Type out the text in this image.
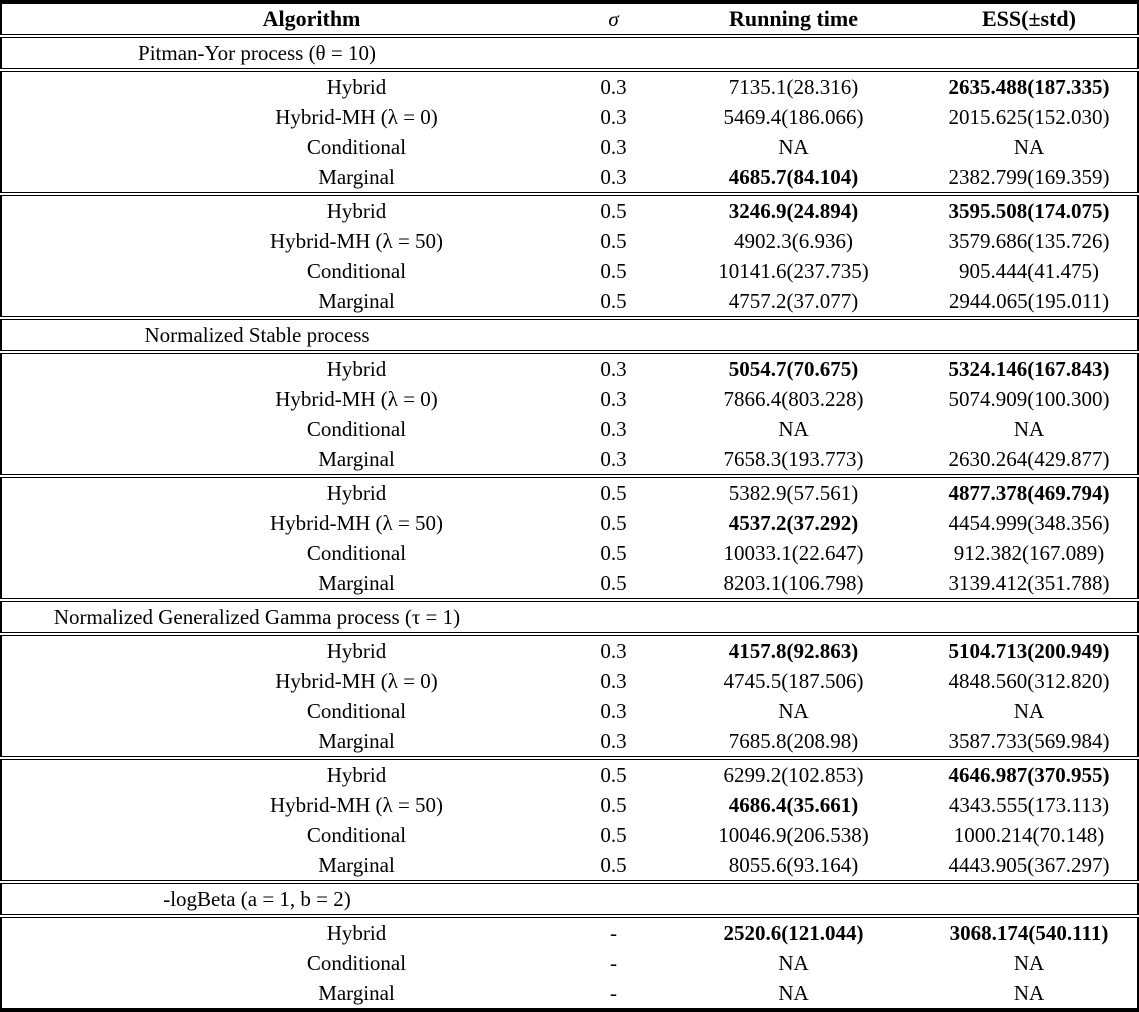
Algorithm	σ	Running time	ESS(±std)

Pitman-Yor process (θ = 10)			

Hybrid	0.3	7135.1(28.316)	2635.488(187.335)
Hybrid-MH (λ = 0)	0.3	5469.4(186.066)	2015.625(152.030)
Conditional	0.3	NA	NA
Marginal	0.3	4685.7(84.104)	2382.799(169.359)
Hybrid	0.5	3246.9(24.894)	3595.508(174.075)
Hybrid-MH (λ = 50)	0.5	4902.3(6.936)	3579.686(135.726)
Conditional	0.5	10141.6(237.735)	905.444(41.475)
Marginal	0.5	4757.2(37.077)	2944.065(195.011)

Normalized Stable process			

Hybrid	0.3	5054.7(70.675)	5324.146(167.843)
Hybrid-MH (λ = 0)	0.3	7866.4(803.228)	5074.909(100.300)
Conditional	0.3	NA	NA
Marginal	0.3	7658.3(193.773)	2630.264(429.877)
Hybrid	0.5	5382.9(57.561)	4877.378(469.794)
Hybrid-MH (λ = 50)	0.5	4537.2(37.292)	4454.999(348.356)
Conditional	0.5	10033.1(22.647)	912.382(167.089)
Marginal	0.5	8203.1(106.798)	3139.412(351.788)

Normalized Generalized Gamma process (τ = 1)			

Hybrid	0.3	4157.8(92.863)	5104.713(200.949)
Hybrid-MH (λ = 0)	0.3	4745.5(187.506)	4848.560(312.820)
Conditional	0.3	NA	NA
Marginal	0.3	7685.8(208.98)	3587.733(569.984)
Hybrid	0.5	6299.2(102.853)	4646.987(370.955)
Hybrid-MH (λ = 50)	0.5	4686.4(35.661)	4343.555(173.113)
Conditional	0.5	10046.9(206.538)	1000.214(70.148)
Marginal	0.5	8055.6(93.164)	4443.905(367.297)

-logBeta (a = 1, b = 2)			

Hybrid	-	2520.6(121.044)	3068.174(540.111)
Conditional	-	NA	NA
Marginal	-	NA	NA
